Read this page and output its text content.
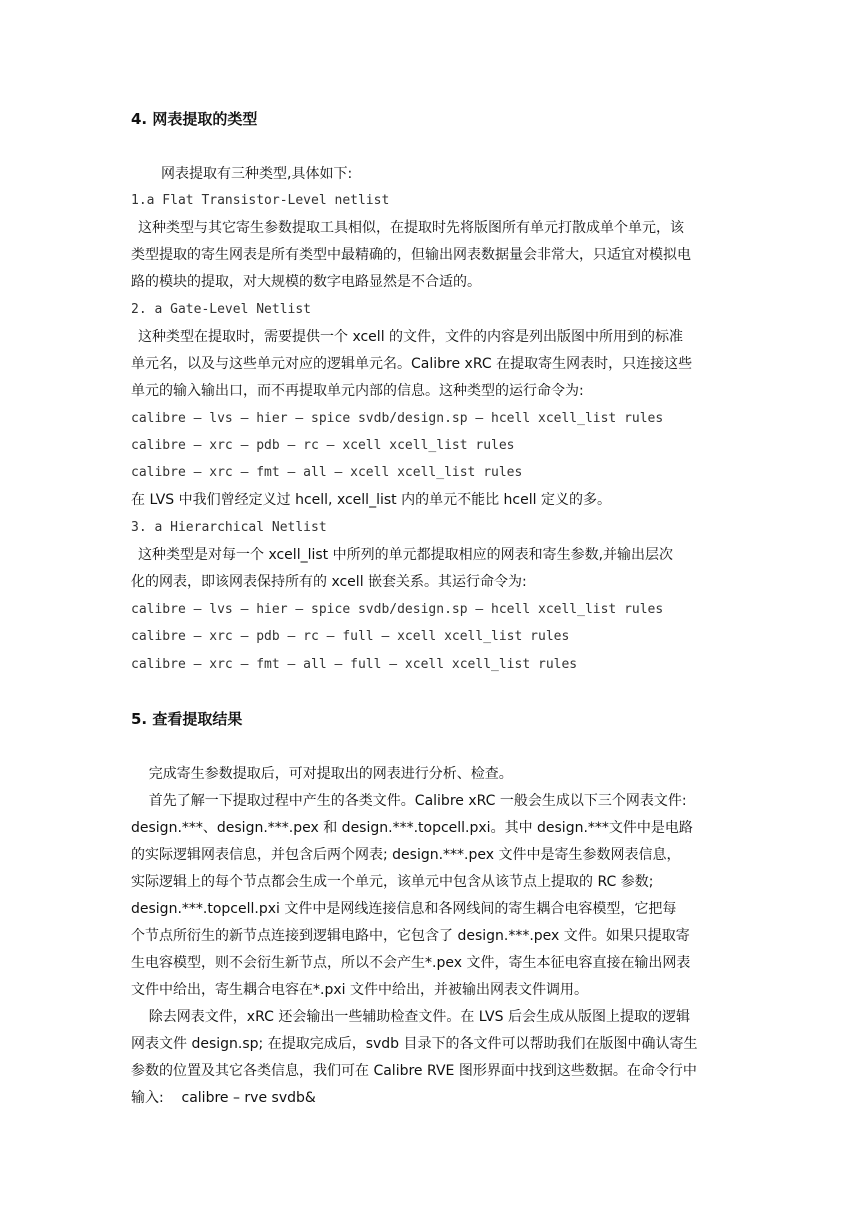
4. 网表提取的类型
网表提取有三种类型,具体如下:
1.a Flat Transistor-Level netlist
这种类型与其它寄生参数提取工具相似，在提取时先将版图所有单元打散成单个单元，该
类型提取的寄生网表是所有类型中最精确的，但输出网表数据量会非常大，只适宜对模拟电
路的模块的提取，对大规模的数字电路显然是不合适的。
2. a Gate-Level Netlist
这种类型在提取时，需要提供一个 xcell 的文件，文件的内容是列出版图中所用到的标准
单元名，以及与这些单元对应的逻辑单元名。Calibre xRC 在提取寄生网表时，只连接这些
单元的输入输出口，而不再提取单元内部的信息。这种类型的运行命令为:
calibre – lvs – hier – spice svdb/design.sp – hcell xcell_list rules
calibre – xrc – pdb – rc – xcell xcell_list rules
calibre – xrc – fmt – all – xcell xcell_list rules
在 LVS 中我们曾经定义过 hcell, xcell_list 内的单元不能比 hcell 定义的多。
3. a Hierarchical Netlist
这种类型是对每一个 xcell_list 中所列的单元都提取相应的网表和寄生参数,并输出层次
化的网表，即该网表保持所有的 xcell 嵌套关系。其运行命令为:
calibre – lvs – hier – spice svdb/design.sp – hcell xcell_list rules
calibre – xrc – pdb – rc – full – xcell xcell_list rules
calibre – xrc – fmt – all – full – xcell xcell_list rules
5. 查看提取结果
完成寄生参数提取后，可对提取出的网表进行分析、检查。
首先了解一下提取过程中产生的各类文件。Calibre xRC 一般会生成以下三个网表文件:
design.***、design.***.pex 和 design.***.topcell.pxi。其中 design.***文件中是电路
的实际逻辑网表信息，并包含后两个网表; design.***.pex 文件中是寄生参数网表信息，
实际逻辑上的每个节点都会生成一个单元，该单元中包含从该节点上提取的 RC 参数;
design.***.topcell.pxi 文件中是网线连接信息和各网线间的寄生耦合电容模型，它把每
个节点所衍生的新节点连接到逻辑电路中，它包含了 design.***.pex 文件。如果只提取寄
生电容模型，则不会衍生新节点，所以不会产生*.pex 文件，寄生本征电容直接在输出网表
文件中给出，寄生耦合电容在*.pxi 文件中给出，并被输出网表文件调用。
除去网表文件，xRC 还会输出一些辅助检查文件。在 LVS 后会生成从版图上提取的逻辑
网表文件 design.sp; 在提取完成后，svdb 目录下的各文件可以帮助我们在版图中确认寄生
参数的位置及其它各类信息，我们可在 Calibre RVE 图形界面中找到这些数据。在命令行中
输入:    calibre – rve svdb&
